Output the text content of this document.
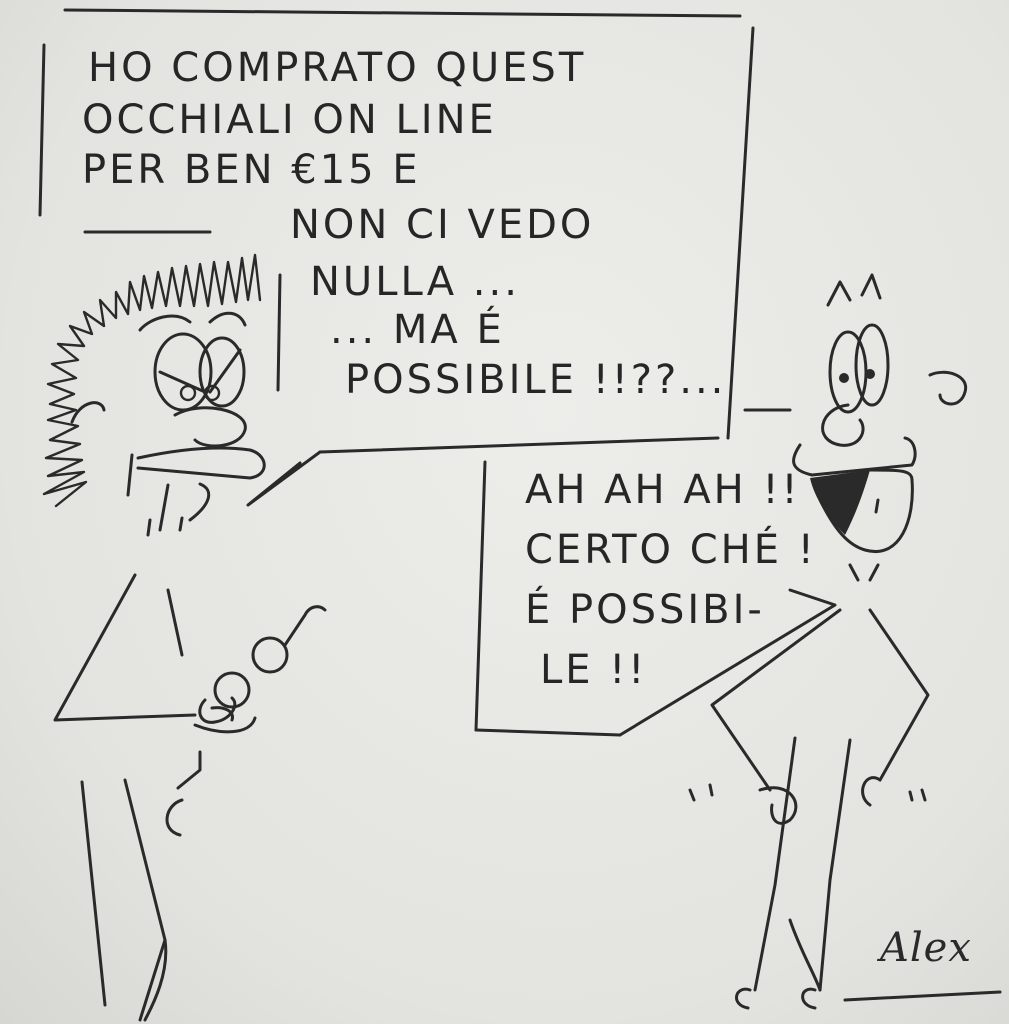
HO COMPRATO QUEST
OCCHIALI ON LINE
PER BEN €15 E
NON CI VEDO
NULLA ...
... MA É
POSSIBILE !!??...
AH AH AH !!
CERTO CHÉ !
É POSSIBI-
LE !!
Alex
